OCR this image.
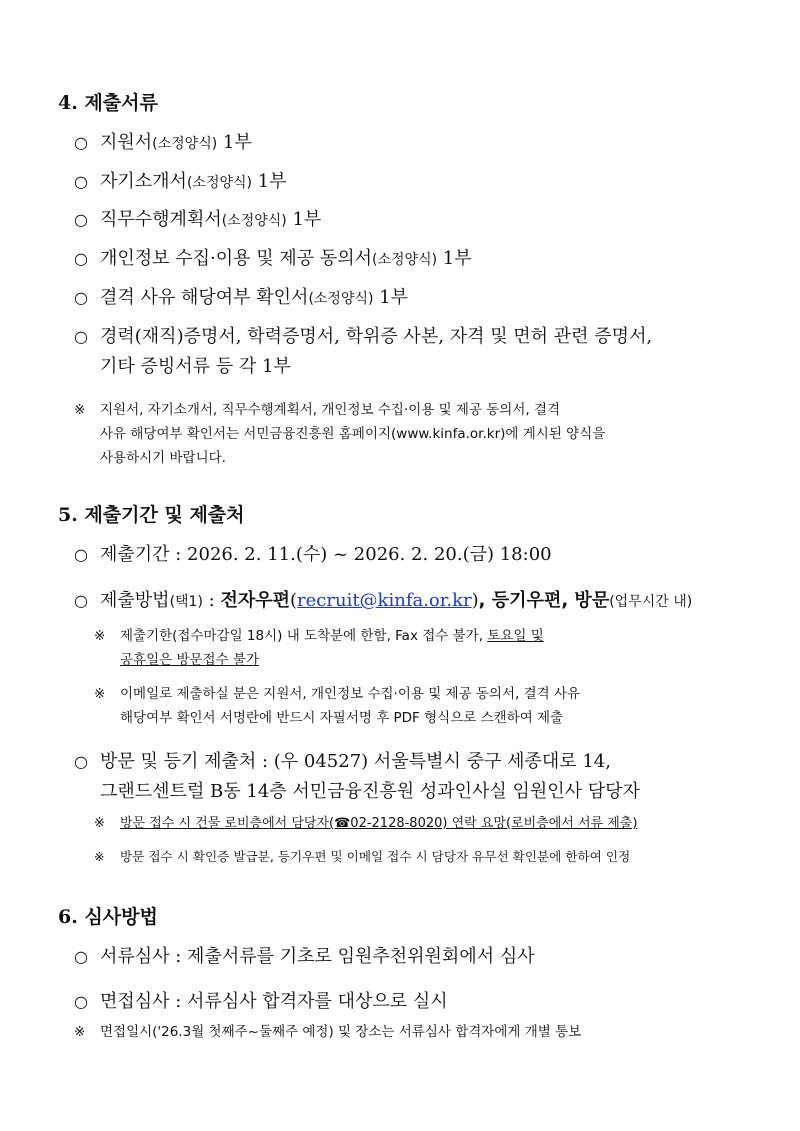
4. 제출서류
○ 지원서(소정양식) 1부
○ 자기소개서(소정양식) 1부
○ 직무수행계획서(소정양식) 1부
○ 개인정보 수집·이용 및 제공 동의서(소정양식) 1부
○ 결격 사유 해당여부 확인서(소정양식) 1부
○ 경력(재직)증명서, 학력증명서, 학위증 사본, 자격 및 면허 관련 증명서,
기타 증빙서류 등 각 1부
※ 지원서, 자기소개서, 직무수행계획서, 개인정보 수집·이용 및 제공 동의서, 결격
사유 해당여부 확인서는 서민금융진흥원 홈페이지(www.kinfa.or.kr)에 게시된 양식을
사용하시기 바랍니다.
5. 제출기간 및 제출처
○ 제출기간 : 2026. 2. 11.(수) ~ 2026. 2. 20.(금) 18:00
○ 제출방법(택1) : 전자우편(recruit@kinfa.or.kr), 등기우편, 방문(업무시간 내)
※ 제출기한(접수마감일 18시) 내 도착분에 한함, Fax 접수 불가, 토요일 및
공휴일은 방문접수 불가
※ 이메일로 제출하실 분은 지원서, 개인정보 수집·이용 및 제공 동의서, 결격 사유
해당여부 확인서 서명란에 반드시 자필서명 후 PDF 형식으로 스캔하여 제출
○ 방문 및 등기 제출처 : (우 04527) 서울특별시 중구 세종대로 14,
그랜드센트럴 B동 14층 서민금융진흥원 성과인사실 임원인사 담당자
※ 방문 접수 시 건물 로비층에서 담당자(☎02-2128-8020) 연락 요망(로비층에서 서류 제출)
※ 방문 접수 시 확인증 발급분, 등기우편 및 이메일 접수 시 담당자 유무선 확인분에 한하여 인정
6. 심사방법
○ 서류심사 : 제출서류를 기초로 임원추천위원회에서 심사
○ 면접심사 : 서류심사 합격자를 대상으로 실시
※ 면접일시('26.3월 첫째주~둘째주 예정) 및 장소는 서류심사 합격자에게 개별 통보
